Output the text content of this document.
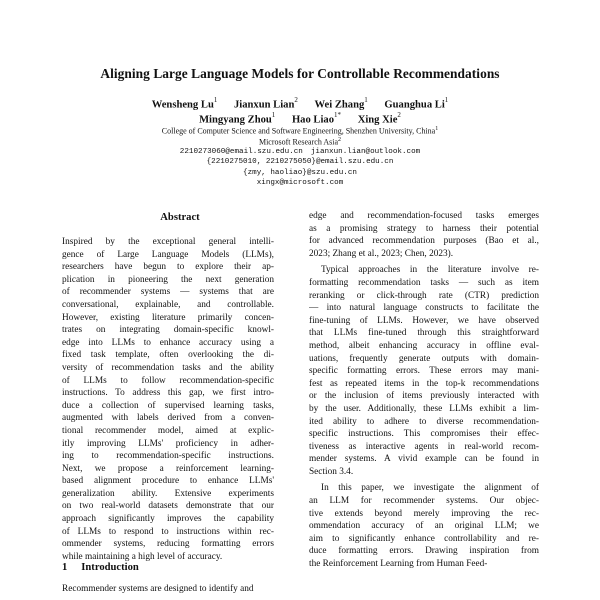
Aligning Large Language Models for Controllable Recommendations
Wensheng Lu$^1$ Jianxun Lian$^2$ Wei Zhang$^1$ Guanghua Li$^1$
Mingyang Zhou$^1$ Hao Liao$^{1*}$ Xing Xie$^2$
College of Computer Science and Software Engineering, Shenzhen University, China$^1$
Microsoft Research Asia$^2$
2210273060@email.szu.edu.cn jianxun.lian@outlook.com
{2210275010, 2210275050}@email.szu.edu.cn
{zmy, haoliao}@szu.edu.cn
xingx@microsoft.com
Abstract
Inspired by the exceptional general intelli-
gence of Large Language Models (LLMs),
researchers have begun to explore their ap-
plication in pioneering the next generation
of recommender systems — systems that are
conversational, explainable, and controllable.
However, existing literature primarily concen-
trates on integrating domain-specific knowl-
edge into LLMs to enhance accuracy using a
fixed task template, often overlooking the di-
versity of recommendation tasks and the ability
of LLMs to follow recommendation-specific
instructions. To address this gap, we first intro-
duce a collection of supervised learning tasks,
augmented with labels derived from a conven-
tional recommender model, aimed at explic-
itly improving LLMs' proficiency in adher-
ing to recommendation-specific instructions.
Next, we propose a reinforcement learning-
based alignment procedure to enhance LLMs'
generalization ability. Extensive experiments
on two real-world datasets demonstrate that our
approach significantly improves the capability
of LLMs to respond to instructions within rec-
ommender systems, reducing formatting errors
while maintaining a high level of accuracy.
1 Introduction
Recommender systems are designed to identify and
edge and recommendation-focused tasks emerges
as a promising strategy to harness their potential
for advanced recommendation purposes (Bao et al.,
2023; Zhang et al., 2023; Chen, 2023).

Typical approaches in the literature involve re-
formatting recommendation tasks — such as item
reranking or click-through rate (CTR) prediction
— into natural language constructs to facilitate the
fine-tuning of LLMs. However, we have observed
that LLMs fine-tuned through this straightforward
method, albeit enhancing accuracy in offline eval-
uations, frequently generate outputs with domain-
specific formatting errors. These errors may mani-
fest as repeated items in the top-k recommendations
or the inclusion of items previously interacted with
by the user. Additionally, these LLMs exhibit a lim-
ited ability to adhere to diverse recommendation-
specific instructions. This compromises their effec-
tiveness as interactive agents in real-world recom-
mender systems. A vivid example can be found in
Section 3.4.

In this paper, we investigate the alignment of
an LLM for recommender systems. Our objec-
tive extends beyond merely improving the rec-
ommendation accuracy of an original LLM; we
aim to significantly enhance controllability and re-
duce formatting errors. Drawing inspiration from
the Reinforcement Learning from Human Feed-
